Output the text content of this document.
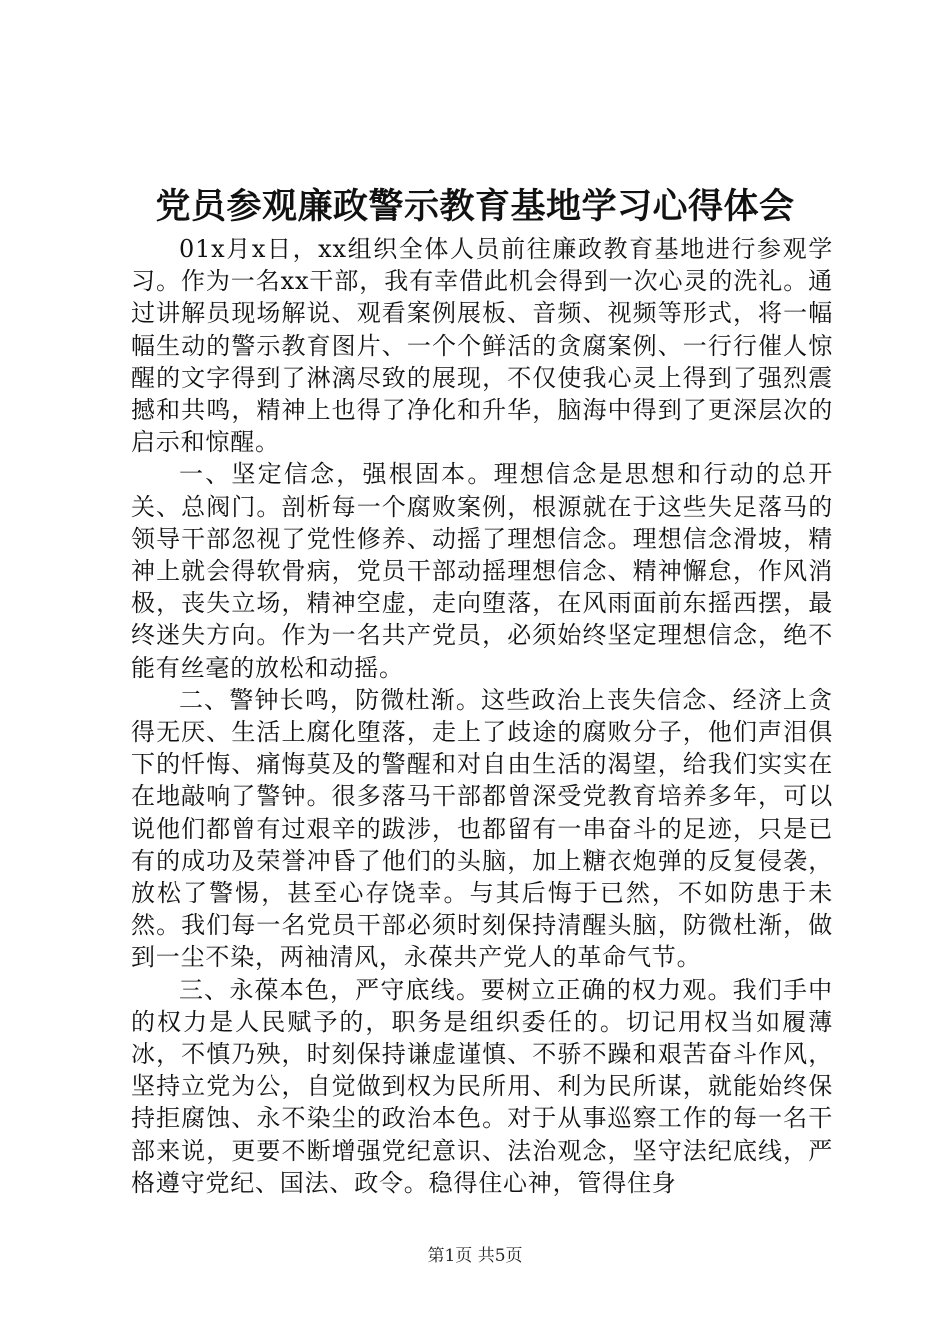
党员参观廉政警示教育基地学习心得体会

01x月x日，xx组织全体人员前往廉政教育基地进行参观学习。作为一名xx干部，我有幸借此机会得到一次心灵的洗礼。通过讲解员现场解说、观看案例展板、音频、视频等形式，将一幅幅生动的警示教育图片、一个个鲜活的贪腐案例、一行行催人惊醒的文字得到了淋漓尽致的展现，不仅使我心灵上得到了强烈震撼和共鸣，精神上也得了净化和升华，脑海中得到了更深层次的启示和惊醒。

一、坚定信念，强根固本。理想信念是思想和行动的总开关、总阀门。剖析每一个腐败案例，根源就在于这些失足落马的领导干部忽视了党性修养、动摇了理想信念。理想信念滑坡，精神上就会得软骨病，党员干部动摇理想信念、精神懈怠，作风消极，丧失立场，精神空虚，走向堕落，在风雨面前东摇西摆，最终迷失方向。作为一名共产党员，必须始终坚定理想信念，绝不能有丝毫的放松和动摇。

二、警钟长鸣，防微杜渐。这些政治上丧失信念、经济上贪得无厌、生活上腐化堕落，走上了歧途的腐败分子，他们声泪俱下的忏悔、痛悔莫及的警醒和对自由生活的渴望，给我们实实在在地敲响了警钟。很多落马干部都曾深受党教育培养多年，可以说他们都曾有过艰辛的跋涉，也都留有一串奋斗的足迹，只是已有的成功及荣誉冲昏了他们的头脑，加上糖衣炮弹的反复侵袭，放松了警惕，甚至心存饶幸。与其后悔于已然，不如防患于未然。我们每一名党员干部必须时刻保持清醒头脑，防微杜渐，做到一尘不染，两袖清风，永葆共产党人的革命气节。

三、永葆本色，严守底线。要树立正确的权力观。我们手中的权力是人民赋予的，职务是组织委任的。切记用权当如履薄冰，不慎乃殃，时刻保持谦虚谨慎、不骄不躁和艰苦奋斗作风，坚持立党为公，自觉做到权为民所用、利为民所谋，就能始终保持拒腐蚀、永不染尘的政治本色。对于从事巡察工作的每一名干部来说，更要不断增强党纪意识、法治观念，坚守法纪底线，严格遵守党纪、国法、政令。稳得住心神，管得住身

第1页 共5页
